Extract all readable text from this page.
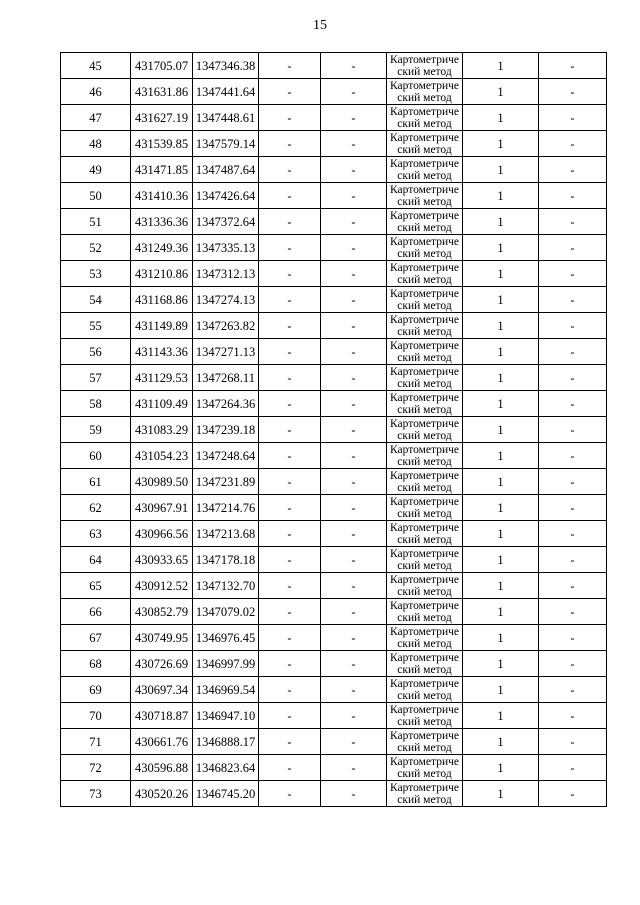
15
45	431705.07	1347346.38	-	-	Картометрический метод	1	-
46	431631.86	1347441.64	-	-	Картометрический метод	1	-
47	431627.19	1347448.61	-	-	Картометрический метод	1	-
48	431539.85	1347579.14	-	-	Картометрический метод	1	-
49	431471.85	1347487.64	-	-	Картометрический метод	1	-
50	431410.36	1347426.64	-	-	Картометрический метод	1	-
51	431336.36	1347372.64	-	-	Картометрический метод	1	-
52	431249.36	1347335.13	-	-	Картометрический метод	1	-
53	431210.86	1347312.13	-	-	Картометрический метод	1	-
54	431168.86	1347274.13	-	-	Картометрический метод	1	-
55	431149.89	1347263.82	-	-	Картометрический метод	1	-
56	431143.36	1347271.13	-	-	Картометрический метод	1	-
57	431129.53	1347268.11	-	-	Картометрический метод	1	-
58	431109.49	1347264.36	-	-	Картометрический метод	1	-
59	431083.29	1347239.18	-	-	Картометрический метод	1	-
60	431054.23	1347248.64	-	-	Картометрический метод	1	-
61	430989.50	1347231.89	-	-	Картометрический метод	1	-
62	430967.91	1347214.76	-	-	Картометрический метод	1	-
63	430966.56	1347213.68	-	-	Картометрический метод	1	-
64	430933.65	1347178.18	-	-	Картометрический метод	1	-
65	430912.52	1347132.70	-	-	Картометрический метод	1	-
66	430852.79	1347079.02	-	-	Картометрический метод	1	-
67	430749.95	1346976.45	-	-	Картометрический метод	1	-
68	430726.69	1346997.99	-	-	Картометрический метод	1	-
69	430697.34	1346969.54	-	-	Картометрический метод	1	-
70	430718.87	1346947.10	-	-	Картометрический метод	1	-
71	430661.76	1346888.17	-	-	Картометрический метод	1	-
72	430596.88	1346823.64	-	-	Картометрический метод	1	-
73	430520.26	1346745.20	-	-	Картометрический метод	1	-
